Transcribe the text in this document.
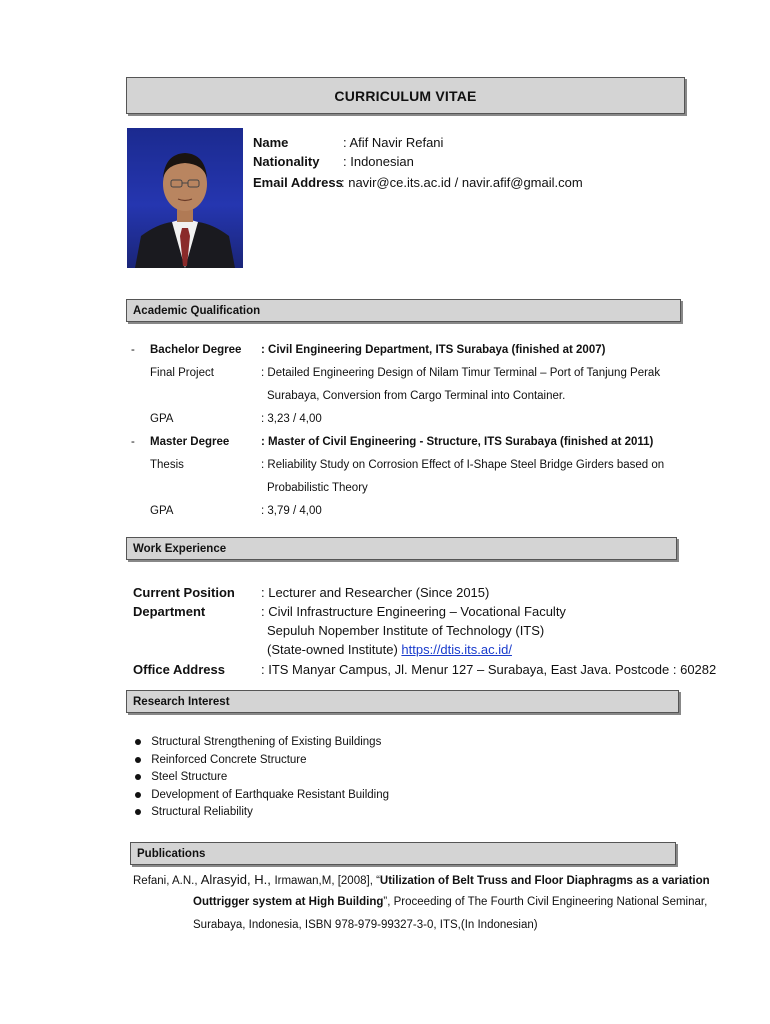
CURRICULUM VITAE
Name	: Afif Navir Refani
Nationality : Indonesian
Email Address
: navir@ce.its.ac.id / navir.afif@gmail.com
Academic Qualification
- Bachelor Degree : Civil Engineering Department, ITS Surabaya (finished at 2007)
Final Project	: Detailed Engineering Design of Nilam Timur Terminal – Port of Tanjung Perak
Surabaya, Conversion from Cargo Terminal into Container.
GPA	: 3,23 / 4,00
- Master Degree	: Master of Civil Engineering - Structure, ITS Surabaya (finished at 2011)
Thesis	: Reliability Study on Corrosion Effect of I-Shape Steel Bridge Girders based on
Probabilistic Theory
GPA	: 3,79 / 4,00
Work Experience
Current Position : Lecturer and Researcher (Since 2015)
Department	: Civil Infrastructure Engineering – Vocational Faculty
Sepuluh Nopember Institute of Technology (ITS)
(State-owned Institute) https://dtis.its.ac.id/
Office Address	: ITS Manyar Campus, Jl. Menur 127 – Surabaya, East Java. Postcode : 60282
Research Interest
Structural Strengthening of Existing Buildings
Reinforced Concrete Structure
Steel Structure
Development of Earthquake Resistant Building
Structural Reliability
Publications
Refani, A.N., Alrasyid, H., Irmawan,M, [2008], “Utilization of Belt Truss and Floor Diaphragms as a variation
Outtrigger system at High Building”, Proceeding of The Fourth Civil Engineering National Seminar,
Surabaya, Indonesia, ISBN 978-979-99327-3-0, ITS,(In Indonesian)
